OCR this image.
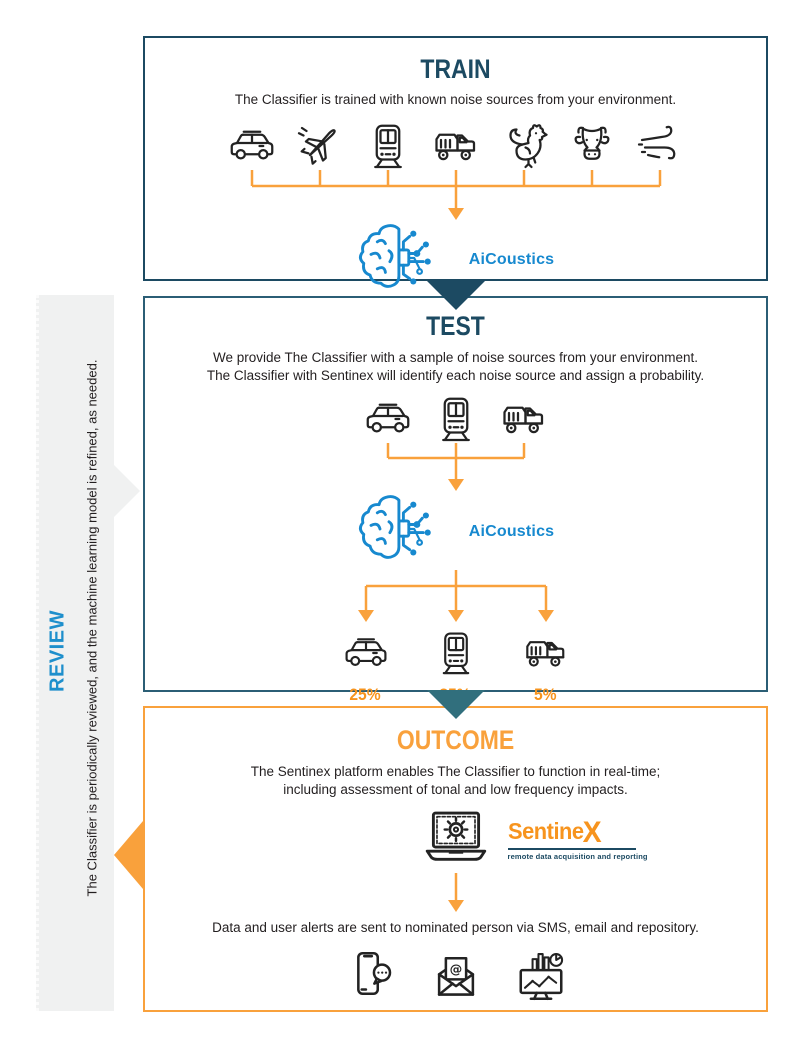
REVIEW The Classifier is periodically reviewed, and the machine learning model is refined, as needed.
TRAIN
The Classifier is trained with known noise sources from your environment.
AiCoustics
TEST
We provide The Classifier with a sample of noise sources from your environment.
The Classifier with Sentinex will identify each noise source and assign a probability.
AiCoustics
25%	85%	5%
OUTCOME
The Sentinex platform enables The Classifier to function in real-time;
including assessment of tonal and low frequency impacts.
SentineX
remote data acquisition and reporting
Data and user alerts are sent to nominated person via SMS, email and repository.
@
